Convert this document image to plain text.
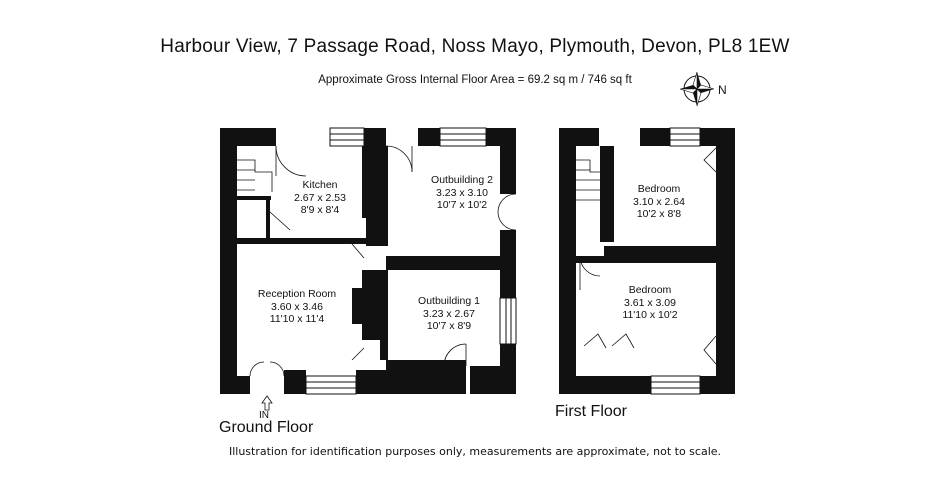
Harbour View, 7 Passage Road, Noss Mayo, Plymouth, Devon, PL8 1EW
Approximate Gross Internal Floor Area = 69.2 sq m / 746 sq ft
N
Kitchen
2.67 x 2.53
8'9 x 8'4
Outbuilding 2
3.23 x 3.10
10'7 x 10'2
Reception Room
3.60 x 3.46
11'10 x 11'4
Outbuilding 1
3.23 x 2.67
10'7 x 8'9
Bedroom
3.10 x 2.64
10'2 x 8'8
Bedroom
3.61 x 3.09
11'10 x 10'2
IN
Ground Floor
First Floor
Illustration for identification purposes only, measurements are approximate, not to scale.
